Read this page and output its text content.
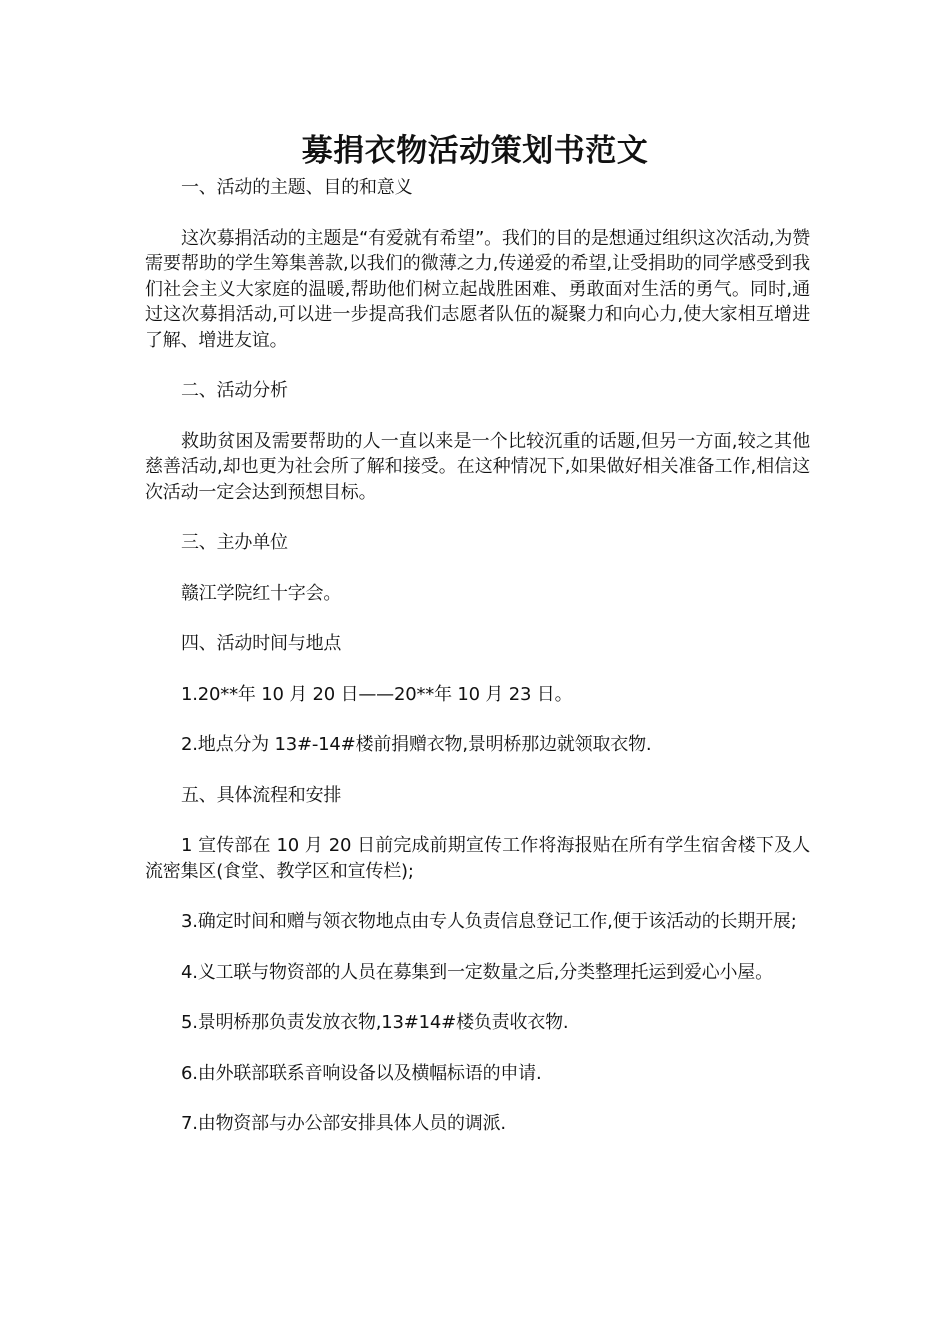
募捐衣物活动策划书范文

一、活动的主题、目的和意义

这次募捐活动的主题是“有爱就有希望”。我们的目的是想通过组织这次活动,为赞需要帮助的学生筹集善款,以我们的微薄之力,传递爱的希望,让受捐助的同学感受到我们社会主义大家庭的温暖,帮助他们树立起战胜困难、勇敢面对生活的勇气。同时,通过这次募捐活动,可以进一步提高我们志愿者队伍的凝聚力和向心力,使大家相互增进了解、增进友谊。

二、活动分析

救助贫困及需要帮助的人一直以来是一个比较沉重的话题,但另一方面,较之其他慈善活动,却也更为社会所了解和接受。在这种情况下,如果做好相关准备工作,相信这次活动一定会达到预想目标。

三、主办单位

赣江学院红十字会。

四、活动时间与地点

1.20**年 10 月 20 日——20**年 10 月 23 日。

2.地点分为 13#-14#楼前捐赠衣物,景明桥那边就领取衣物.

五、具体流程和安排

1 宣传部在 10 月 20 日前完成前期宣传工作将海报贴在所有学生宿舍楼下及人流密集区(食堂、教学区和宣传栏);

3.确定时间和赠与领衣物地点由专人负责信息登记工作,便于该活动的长期开展;

4.义工联与物资部的人员在募集到一定数量之后,分类整理托运到爱心小屋。

5.景明桥那负责发放衣物,13#14#楼负责收衣物.

6.由外联部联系音响设备以及横幅标语的申请.

7.由物资部与办公部安排具体人员的调派.
